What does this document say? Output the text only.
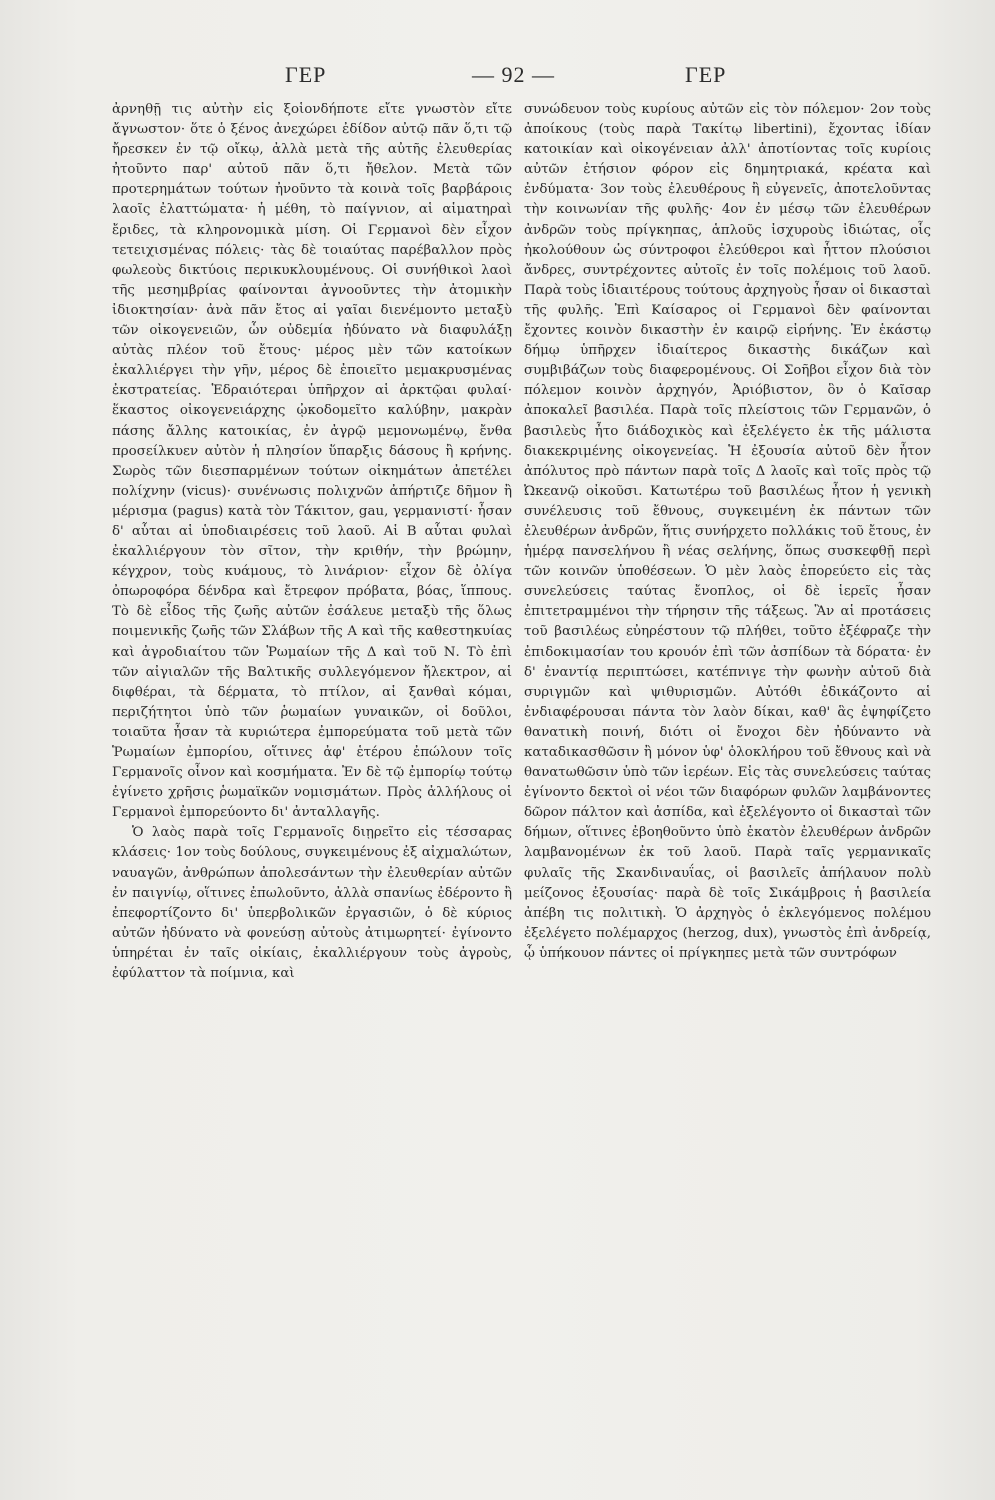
ΓΕΡ	— 92 —	ΓΕΡ

ἀρνηθῇ τις αὐτὴν εἰς ξοἱονδήποτε εἴτε γνωστὸν εἴτε ἄγνωστον· ὅτε ὁ ξένος ἀνεχώρει ἐδίδον αὐτῷ πᾶν ὅ,τι τῷ ἤρεσκεν ἐν τῷ οἴκῳ, ἀλλὰ μετὰ τῆς αὐτῆς ἐλευθερίας ἠτοῦντο παρ' αὐτοῦ πᾶν ὅ,τι ἤθελον. Μετὰ τῶν προτερημάτων τούτων ἠνοῦντο τὰ κοινὰ τοῖς βαρβάροις λαοῖς ἐλαττώματα· ἡ μέθη, τὸ παίγνιον, αἱ αἱματηραὶ ἔριδες, τὰ κληρονομικὰ μίση. Οἱ Γερμανοὶ δὲν εἶχον τετειχισμένας πόλεις· τὰς δὲ τοιαύτας παρέβαλλον πρὸς φωλεοὺς δικτύοις περικυκλουμένους. Οἱ συνήθικοὶ λαοὶ τῆς μεσημβρίας φαίνονται ἀγνοοῦντες τὴν ἀτομικὴν ἰδιοκτησίαν· ἀνὰ πᾶν ἔτος αἱ γαῖαι διενέμοντο μεταξὺ τῶν οἰκογενειῶν, ὧν οὐδεμία ἠδύνατο νὰ διαφυλάξῃ αὐτὰς πλέον τοῦ ἔτους· μέρος μὲν τῶν κατοίκων ἐκαλλιέργει τὴν γῆν, μέρος δὲ ἐποιεῖτο μεμακρυσμένας ἐκστρατείας. Ἑδραιότεραι ὑπῆρχον αἱ ἀρκτῷαι φυλαί· ἕκαστος οἰκογενειάρχης ᾠκοδομεῖτο καλύβην, μακρὰν πάσης ἄλλης κατοικίας, ἐν ἀγρῷ μεμονωμένῳ, ἔνθα προσείλκυεν αὐτὸν ἡ πλησίον ὕπαρξις δάσους ἢ κρήνης. Σωρὸς τῶν διεσπαρμένων τούτων οἰκημάτων ἀπετέλει πολίχνην (vicus)· συνένωσις πολιχνῶν ἀπήρτιζε δῆμον ἢ μέρισμα (pagus) κατὰ τὸν Τάκιτον, gau, γερμανιστί· ἦσαν δ' αὗται αἱ ὑποδιαιρέσεις τοῦ λαοῦ. Αἱ Β αὗται φυλαὶ ἐκαλλιέργουν τὸν σῖτον, τὴν κριθήν, τὴν βρώμην, κέγχρον, τοὺς κυάμους, τὸ λινάριον· εἶχον δὲ ὀλίγα ὀπωροφόρα δένδρα καὶ ἔτρεφον πρόβατα, βόας, ἵππους. Τὸ δὲ εἶδος τῆς ζωῆς αὐτῶν ἐσάλευε μεταξὺ τῆς ὅλως ποιμενικῆς ζωῆς τῶν Σλάβων τῆς Α καὶ τῆς καθεστηκυίας καὶ ἀγροδιαίτου τῶν Ῥωμαίων τῆς Δ καὶ τοῦ Ν. Τὸ ἐπὶ τῶν αἰγιαλῶν τῆς Βαλτικῆς συλλεγόμενον ἤλεκτρον, αἱ διφθέραι, τὰ δέρματα, τὸ πτίλον, αἱ ξανθαὶ κόμαι, περιζήτητοι ὑπὸ τῶν ῥωμαίων γυναικῶν, οἱ δοῦλοι, τοιαῦτα ἦσαν τὰ κυριώτερα ἐμπορεύματα τοῦ μετὰ τῶν Ῥωμαίων ἐμπορίου, οἵτινες ἀφ' ἑτέρου ἐπώλουν τοῖς Γερμανοῖς οἶνον καὶ κοσμήματα. Ἐν δὲ τῷ ἐμπορίῳ τούτῳ ἐγίνετο χρῆσις ῥωμαϊκῶν νομισμάτων. Πρὸς ἀλλήλους οἱ Γερμανοὶ ἐμπορεύοντο δι' ἀνταλλαγῆς.

Ὁ λαὸς παρὰ τοῖς Γερμανοῖς διῃρεῖτο εἰς τέσσαρας κλάσεις· 1ον τοὺς δούλους, συγκειμένους ἐξ αἰχμαλώτων, ναυαγῶν, ἀνθρώπων ἀπολεσάντων τὴν ἐλευθερίαν αὐτῶν ἐν παιγνίῳ, οἵτινες ἐπωλοῦντο, ἀλλὰ σπανίως ἐδέροντο ἢ ἐπεφορτίζοντο δι' ὑπερβολικῶν ἐργασιῶν, ὁ δὲ κύριος αὐτῶν ἠδύνατο νὰ φονεύσῃ αὐτοὺς ἀτιμωρητεί· ἐγίνοντο ὑπηρέται ἐν ταῖς οἰκίαις, ἐκαλλιέργουν τοὺς ἀγροὺς, ἐφύλαττον τὰ ποίμνια, καὶ

συνώδευον τοὺς κυρίους αὐτῶν εἰς τὸν πόλεμον· 2ον τοὺς ἀποίκους (τοὺς παρὰ Τακίτῳ libertini), ἔχοντας ἰδίαν κατοικίαν καὶ οἰκογένειαν ἀλλ' ἀποτίοντας τοῖς κυρίοις αὐτῶν ἐτήσιον φόρον εἰς δημητριακά, κρέατα καὶ ἐνδύματα· 3ον τοὺς ἐλευθέρους ἢ εὐγενεῖς, ἀποτελοῦντας τὴν κοινωνίαν τῆς φυλῆς· 4ον ἐν μέσῳ τῶν ἐλευθέρων ἀνδρῶν τοὺς πρίγκηπας, ἁπλοῦς ἰσχυροὺς ἰδιώτας, οἷς ἠκολούθουν ὡς σύντροφοι ἐλεύθεροι καὶ ἧττον πλούσιοι ἄνδρες, συντρέχοντες αὐτοῖς ἐν τοῖς πολέμοις τοῦ λαοῦ. Παρὰ τοὺς ἰδιαιτέρους τούτους ἀρχηγοὺς ἦσαν οἱ δικασταὶ τῆς φυλῆς. Ἐπὶ Καίσαρος οἱ Γερμανοὶ δὲν φαίνονται ἔχοντες κοινὸν δικαστὴν ἐν καιρῷ εἰρήνης. Ἐν ἑκάστῳ δήμῳ ὑπῆρχεν ἰδιαίτερος δικαστὴς δικάζων καὶ συμβιβάζων τοὺς διαφερομένους. Οἱ Σοῆβοι εἶχον διὰ τὸν πόλεμον κοινὸν ἀρχηγόν, Ἀριόβιστον, ὃν ὁ Καῖσαρ ἀποκαλεῖ βασιλέα. Παρὰ τοῖς πλείστοις τῶν Γερμανῶν, ὁ βασιλεὺς ἦτο διάδοχικὸς καὶ ἐξελέγετο ἐκ τῆς μάλιστα διακεκριμένης οἰκογενείας. Ἡ ἐξουσία αὐτοῦ δὲν ἦτον ἀπόλυτος πρὸ πάντων παρὰ τοῖς Δ λαοῖς καὶ τοῖς πρὸς τῷ Ὠκεανῷ οἰκοῦσι. Κατωτέρω τοῦ βασιλέως ἦτον ἡ γενικὴ συνέλευσις τοῦ ἔθνους, συγκειμένη ἐκ πάντων τῶν ἐλευθέρων ἀνδρῶν, ἥτις συνήρχετο πολλάκις τοῦ ἔτους, ἐν ἡμέρᾳ πανσελήνου ἢ νέας σελήνης, ὅπως συσκεφθῇ περὶ τῶν κοινῶν ὑποθέσεων. Ὁ μὲν λαὸς ἐπορεύετο εἰς τὰς συνελεύσεις ταύτας ἔνοπλος, οἱ δὲ ἱερεῖς ἦσαν ἐπιτετραμμένοι τὴν τήρησιν τῆς τάξεως. Ἂν αἱ προτάσεις τοῦ βασιλέως εὐηρέστουν τῷ πλήθει, τοῦτο ἐξέφραζε τὴν ἐπιδοκιμασίαν του κρουόν ἐπὶ τῶν ἀσπίδων τὰ δόρατα· ἐν δ' ἐναντίᾳ περιπτώσει, κατέπνιγε τὴν φωνὴν αὐτοῦ διὰ συριγμῶν καὶ ψιθυρισμῶν. Αὐτόθι ἐδικάζοντο αἱ ἐνδιαφέρουσαι πάντα τὸν λαὸν δίκαι, καθ' ἃς ἐψηφίζετο θανατικὴ ποινή, διότι οἱ ἔνοχοι δὲν ἠδύναντο νὰ καταδικασθῶσιν ἢ μόνον ὑφ' ὁλοκλήρου τοῦ ἔθνους καὶ νὰ θανατωθῶσιν ὑπὸ τῶν ἱερέων. Εἰς τὰς συνελεύσεις ταύτας ἐγίνοντο δεκτοὶ οἱ νέοι τῶν διαφόρων φυλῶν λαμβάνοντες δῶρον πάλτον καὶ ἀσπίδα, καὶ ἐξελέγοντο οἱ δικασταὶ τῶν δήμων, οἵτινες ἐβοηθοῦντο ὑπὸ ἑκατὸν ἐλευθέρων ἀνδρῶν λαμβανομένων ἐκ τοῦ λαοῦ. Παρὰ ταῖς γερμανικαῖς φυλαῖς τῆς Σκανδιναυΐας, οἱ βασιλεῖς ἀπήλαυον πολὺ μείζονος ἐξουσίας· παρὰ δὲ τοῖς Σικάμβροις ἡ βασιλεία ἀπέβη τις πολιτικὴ. Ὁ ἀρχηγὸς ὁ ἐκλεγόμενος πολέμου ἐξελέγετο πολέμαρχος (herzog, dux), γνωστὸς ἐπὶ ἀνδρείᾳ, ᾧ ὑπήκουον πάντες οἱ πρίγκηπες μετὰ τῶν συντρόφων
